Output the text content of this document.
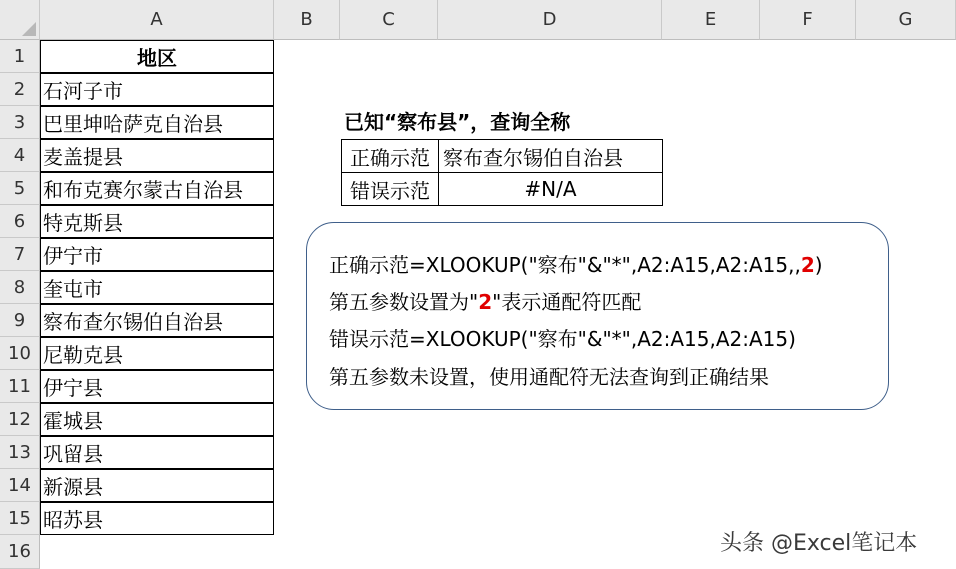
A	B	C	D	E	F	G
1
2
3
4
5
6
7
8
9
10
11
12
13
14
15
16
地区
石河子市
巴里坤哈萨克自治县
麦盖提县
和布克赛尔蒙古自治县
特克斯县
伊宁市
奎屯市
察布查尔锡伯自治县
尼勒克县
伊宁县
霍城县
巩留县
新源县
昭苏县
已知“察布县”，查询全称
正确示范 察布查尔锡伯自治县
错误示范	#N/A
正确示范=XLOOKUP("察布"&"*",A2:A15,A2:A15,,2)
第五参数设置为"2"表示通配符匹配
错误示范=XLOOKUP("察布"&"*",A2:A15,A2:A15)
第五参数未设置，使用通配符无法查询到正确结果
头条 @Excel笔记本
